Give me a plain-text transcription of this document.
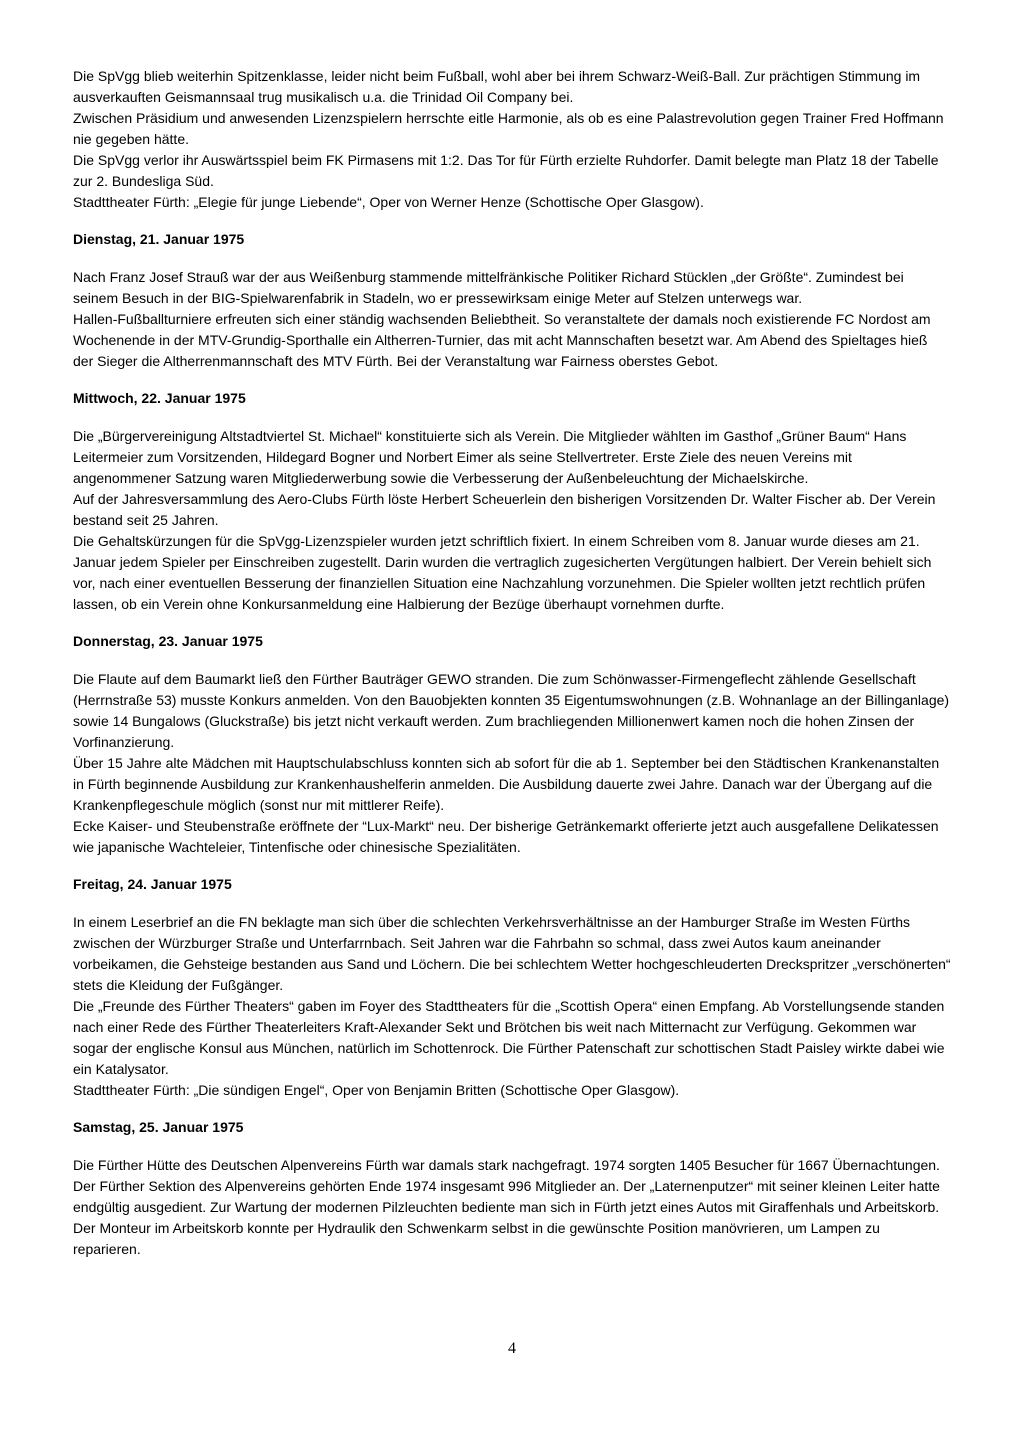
Die SpVgg blieb weiterhin Spitzenklasse, leider nicht beim Fußball, wohl aber bei ihrem Schwarz-Weiß-Ball. Zur prächtigen Stimmung im ausverkauften Geismannsaal trug musikalisch u.a. die Trinidad Oil Company bei.

Zwischen Präsidium und anwesenden Lizenzspielern herrschte eitle Harmonie, als ob es eine Palastrevolution gegen Trainer Fred Hoffmann nie gegeben hätte.

Die SpVgg verlor ihr Auswärtsspiel beim FK Pirmasens mit 1:2. Das Tor für Fürth erzielte Ruhdorfer. Damit belegte man Platz 18 der Tabelle zur 2. Bundesliga Süd.

Stadttheater Fürth: „Elegie für junge Liebende“, Oper von Werner Henze (Schottische Oper Glasgow).

Dienstag, 21. Januar 1975

Nach Franz Josef Strauß war der aus Weißenburg stammende mittelfränkische Politiker Richard Stücklen „der Größte“. Zumindest bei seinem Besuch in der BIG-Spielwarenfabrik in Stadeln, wo er pressewirksam einige Meter auf Stelzen unterwegs war.

Hallen-Fußballturniere erfreuten sich einer ständig wachsenden Beliebtheit. So veranstaltete der damals noch existierende FC Nordost am Wochenende in der MTV-Grundig-Sporthalle ein Altherren-Turnier, das mit acht Mannschaften besetzt war. Am Abend des Spieltages hieß der Sieger die Altherrenmannschaft des MTV Fürth. Bei der Veranstaltung war Fairness oberstes Gebot.

Mittwoch, 22. Januar 1975

Die „Bürgervereinigung Altstadtviertel St. Michael“ konstituierte sich als Verein. Die Mitglieder wählten im Gasthof „Grüner Baum“ Hans Leitermeier zum Vorsitzenden, Hildegard Bogner und Norbert Eimer als seine Stellvertreter. Erste Ziele des neuen Vereins mit angenommener Satzung waren Mitgliederwerbung sowie die Verbesserung der Außenbeleuchtung der Michaelskirche.

Auf der Jahresversammlung des Aero-Clubs Fürth löste Herbert Scheuerlein den bisherigen Vorsitzenden Dr. Walter Fischer ab. Der Verein bestand seit 25 Jahren.

Die Gehaltskürzungen für die SpVgg-Lizenzspieler wurden jetzt schriftlich fixiert. In einem Schreiben vom 8. Januar wurde dieses am 21. Januar jedem Spieler per Einschreiben zugestellt. Darin wurden die vertraglich zugesicherten Vergütungen halbiert. Der Verein behielt sich vor, nach einer eventuellen Besserung der finanziellen Situation eine Nachzahlung vorzunehmen. Die Spieler wollten jetzt rechtlich prüfen lassen, ob ein Verein ohne Konkursanmeldung eine Halbierung der Bezüge überhaupt vornehmen durfte.

Donnerstag, 23. Januar 1975

Die Flaute auf dem Baumarkt ließ den Fürther Bauträger GEWO stranden. Die zum Schönwasser-Firmengeflecht zählende Gesellschaft (Herrnstraße 53) musste Konkurs anmelden. Von den Bauobjekten konnten 35 Eigentumswohnungen (z.B. Wohnanlage an der Billinganlage) sowie 14 Bungalows (Gluckstraße) bis jetzt nicht verkauft werden. Zum brachliegenden Millionenwert kamen noch die hohen Zinsen der Vorfinanzierung.

Über 15 Jahre alte Mädchen mit Hauptschulabschluss konnten sich ab sofort für die ab 1. September bei den Städtischen Krankenanstalten in Fürth beginnende Ausbildung zur Krankenhaushelferin anmelden. Die Ausbildung dauerte zwei Jahre. Danach war der Übergang auf die Krankenpflegeschule möglich (sonst nur mit mittlerer Reife).

Ecke Kaiser- und Steubenstraße eröffnete der “Lux-Markt“ neu. Der bisherige Getränkemarkt offerierte jetzt auch ausgefallene Delikatessen wie japanische Wachteleier, Tintenfische oder chinesische Spezialitäten.

Freitag, 24. Januar 1975

In einem Leserbrief an die FN beklagte man sich über die schlechten Verkehrsverhältnisse an der Hamburger Straße im Westen Fürths zwischen der Würzburger Straße und Unterfarrnbach. Seit Jahren war die Fahrbahn so schmal, dass zwei Autos kaum aneinander vorbeikamen, die Gehsteige bestanden aus Sand und Löchern. Die bei schlechtem Wetter hochgeschleuderten Dreckspritzer „verschönerten“ stets die Kleidung der Fußgänger.

Die „Freunde des Fürther Theaters“ gaben im Foyer des Stadttheaters für die „Scottish Opera“ einen Empfang. Ab Vorstellungsende standen nach einer Rede des Fürther Theaterleiters Kraft-Alexander Sekt und Brötchen bis weit nach Mitternacht zur Verfügung. Gekommen war sogar der englische Konsul aus München, natürlich im Schottenrock. Die Fürther Patenschaft zur schottischen Stadt Paisley wirkte dabei wie ein Katalysator.

Stadttheater Fürth: „Die sündigen Engel“, Oper von Benjamin Britten (Schottische Oper Glasgow).

Samstag, 25. Januar 1975

Die Fürther Hütte des Deutschen Alpenvereins Fürth war damals stark nachgefragt. 1974 sorgten 1405 Besucher für 1667 Übernachtungen. Der Fürther Sektion des Alpenvereins gehörten Ende 1974 insgesamt 996 Mitglieder an. Der „Laternenputzer“ mit seiner kleinen Leiter hatte endgültig ausgedient. Zur Wartung der modernen Pilzleuchten bediente man sich in Fürth jetzt eines Autos mit Giraffenhals und Arbeitskorb. Der Monteur im Arbeitskorb konnte per Hydraulik den Schwenkarm selbst in die gewünschte Position manövrieren, um Lampen zu reparieren.

4
